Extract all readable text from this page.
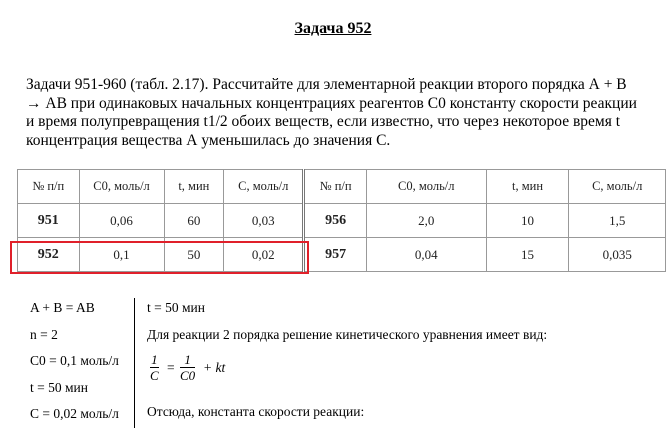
Задача 952
Задачи 951-960 (табл. 2.17). Рассчитайте для элементарной реакции второго порядка А + В
→ АВ при одинаковых начальных концентрациях реагентов С0 константу скорости реакции
и время полупревращения t1/2 обоих веществ, если известно, что через некоторое время t
концентрация вещества А уменьшилась до значения С.
№ п/п	C0, моль/л	t, мин	C, моль/л	№ п/п	C0, моль/л	t, мин	C, моль/л
951	0,06	60	0,03	956	2,0	10	1,5
952	0,1	50	0,02	957	0,04	15	0,035
A + B = AB
n = 2
C0 = 0,1 моль/л
t = 50 мин
C = 0,02 моль/л
t = 50 мин
Для реакции 2 порядка решение кинетического уравнения имеет вид:
$\frac{1}{C} = \frac{1}{C0}$ + kt
Отсюда, константа скорости реакции:
